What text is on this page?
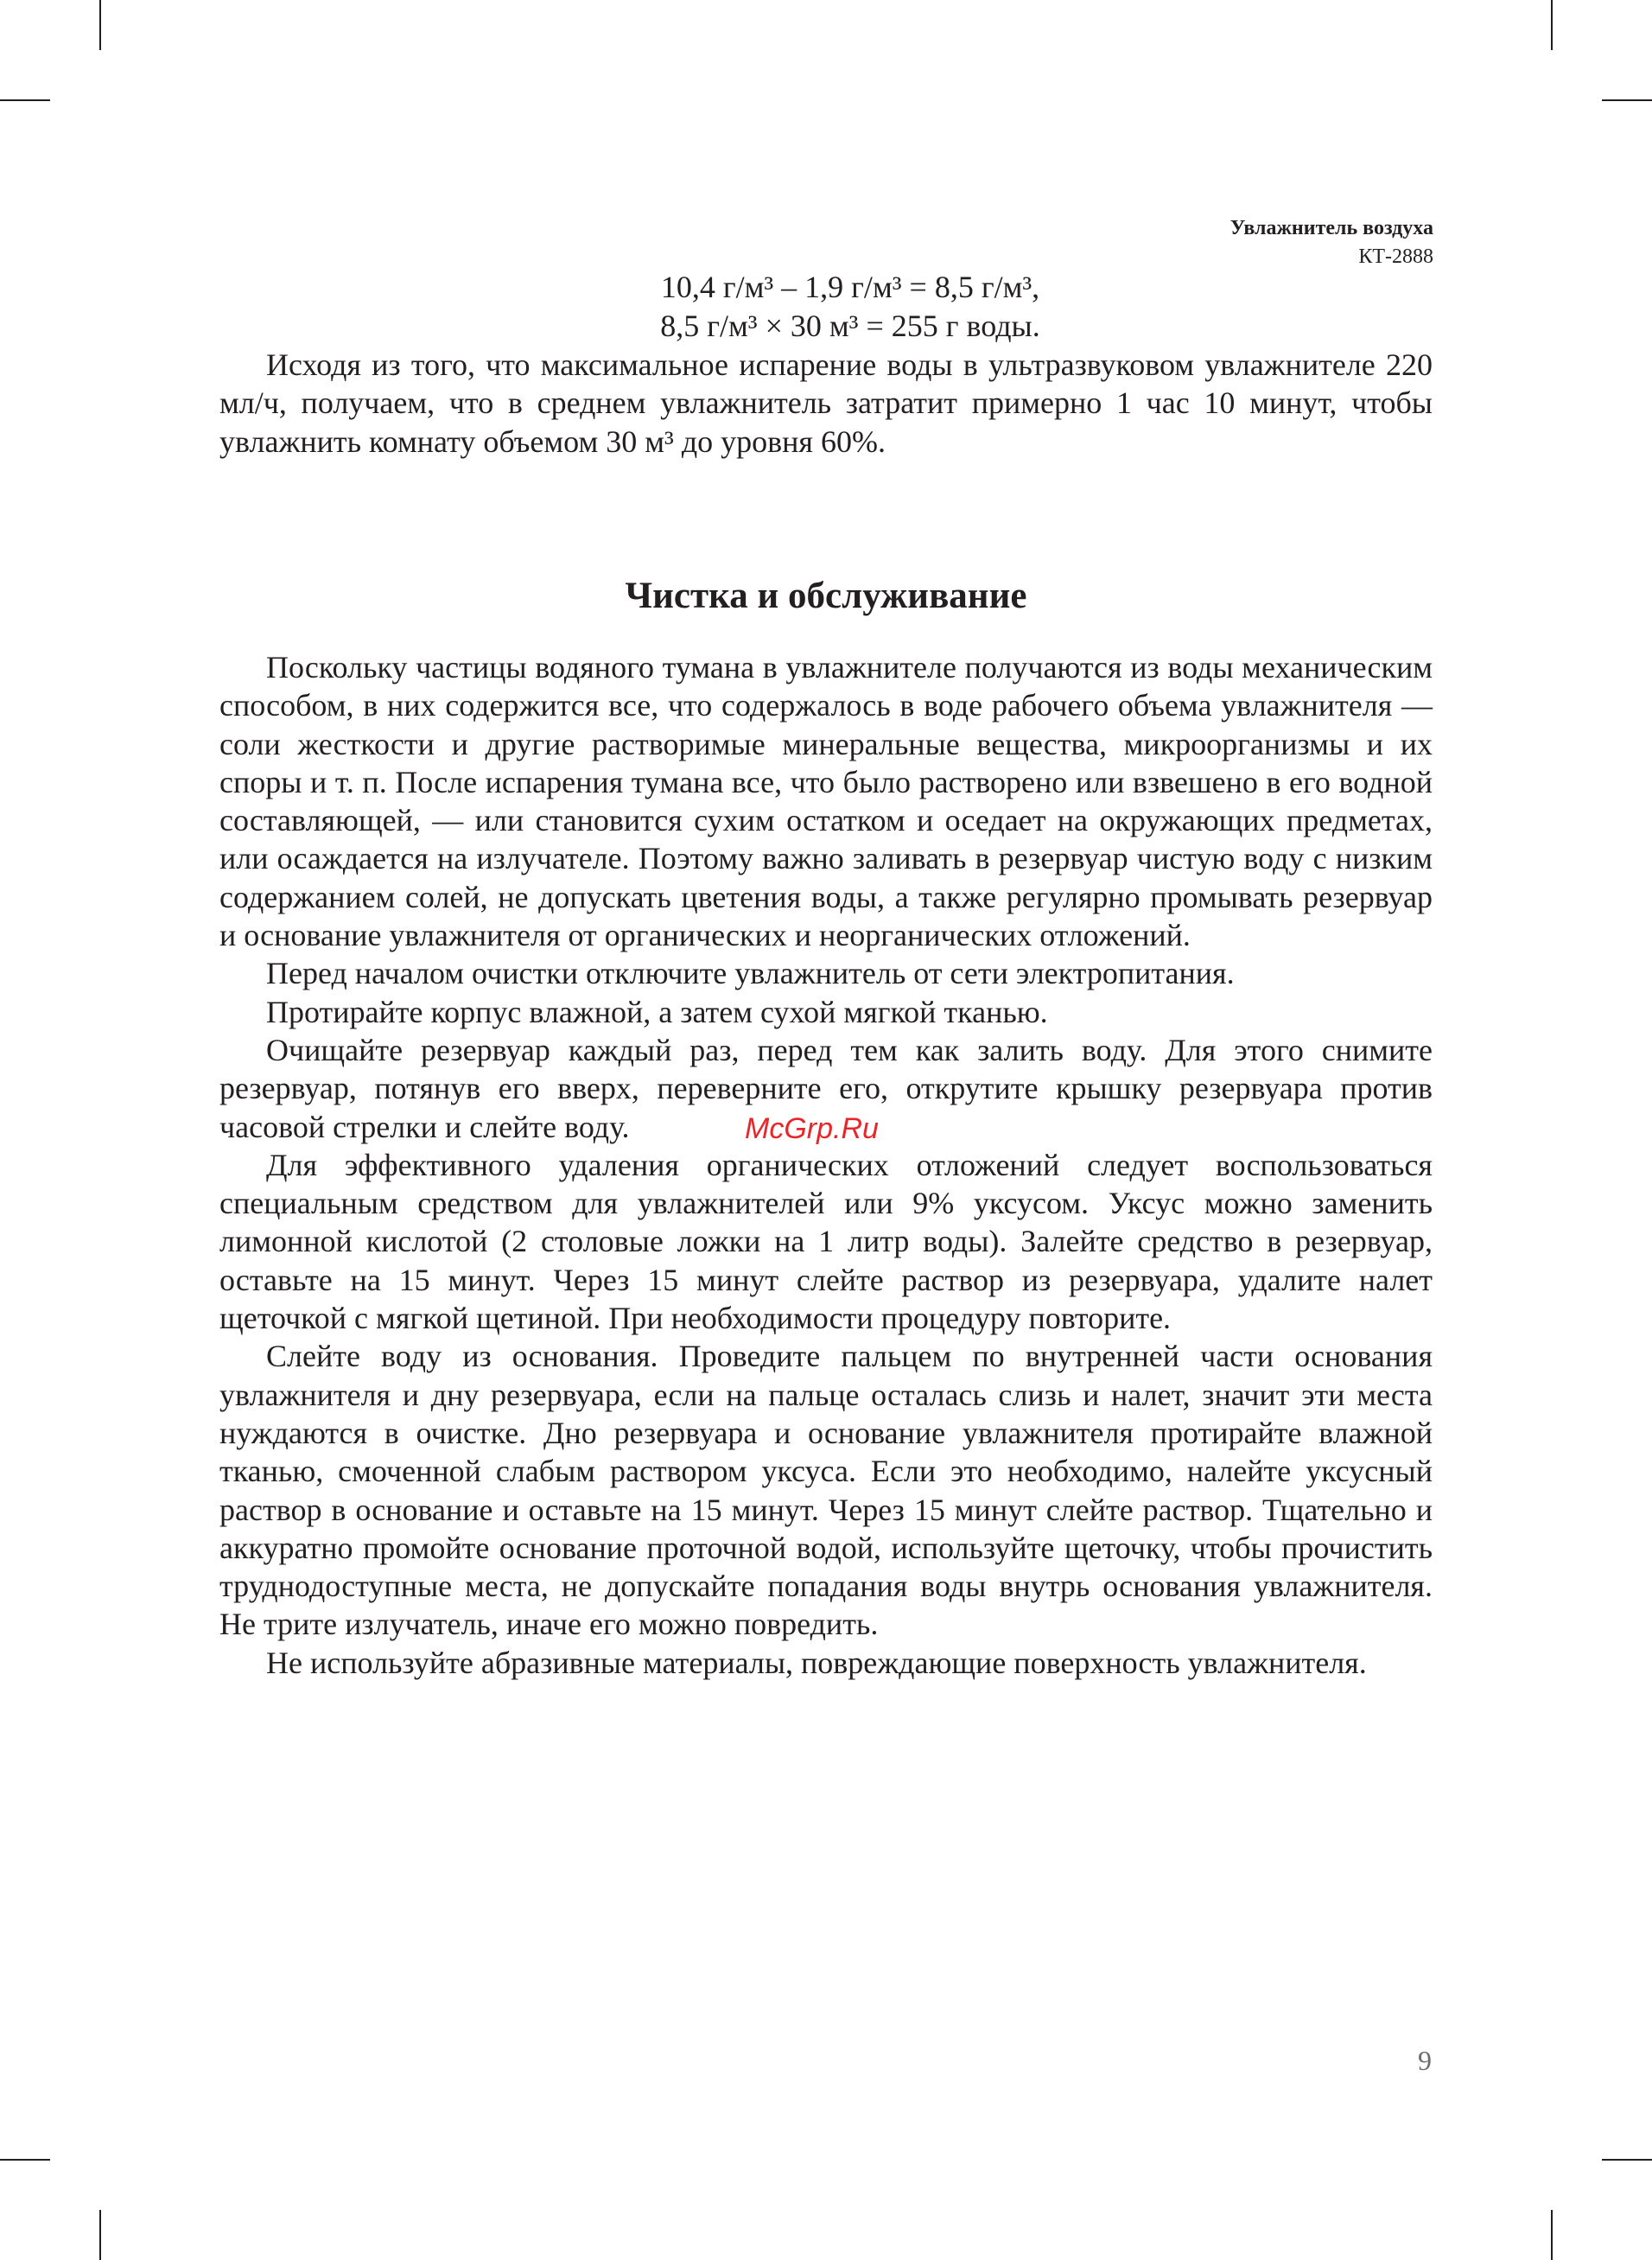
Увлажнитель воздуха
КТ-2888
10,4 г/м³ – 1,9 г/м³ = 8,5 г/м³,
8,5 г/м³ × 30 м³ = 255 г воды.

Исходя из того, что максимальное испарение воды в ультразвуковом увлажнителе 220 мл/ч, получаем, что в среднем увлажнитель затратит примерно 1 час 10 минут, чтобы увлажнить комнату объемом 30 м³ до уровня 60%.

Чистка и обслуживание

Поскольку частицы водяного тумана в увлажнителе получаются из воды механическим способом, в них содержится все, что содержалось в воде рабочего объема увлажнителя — соли жесткости и другие растворимые минеральные вещества, микроорганизмы и их споры и т. п. После испарения тумана все, что было растворено или взвешено в его водной составляющей, — или становится сухим остатком и оседает на окружающих предметах, или осаждается на излучателе. Поэтому важно заливать в резервуар чистую воду с низким содержанием солей, не допускать цветения воды, а также регулярно промывать резервуар и основание увлажнителя от органических и неорганических отложений.

Перед началом очистки отключите увлажнитель от сети электропитания.

Протирайте корпус влажной, а затем сухой мягкой тканью.

Очищайте резервуар каждый раз, перед тем как залить воду. Для этого снимите резервуар, потянув его вверх, переверните его, открутите крышку резервуара против часовой стрелки и слейте воду.

Для эффективного удаления органических отложений следует воспользоваться специальным средством для увлажнителей или 9% уксусом. Уксус можно заменить лимонной кислотой (2 столовые ложки на 1 литр воды). Залейте средство в резервуар, оставьте на 15 минут. Через 15 минут слейте раствор из резервуара, удалите налет щеточкой с мягкой щетиной. При необходимости процедуру повторите.

Слейте воду из основания. Проведите пальцем по внутренней части основания увлажнителя и дну резервуара, если на пальце осталась слизь и налет, значит эти места нуждаются в очистке. Дно резервуара и основание увлажнителя протирайте влажной тканью, смоченной слабым раствором уксуса. Если это необходимо, налейте уксусный раствор в основание и оставьте на 15 минут. Через 15 минут слейте раствор. Тщательно и аккуратно промойте основание проточной водой, используйте щеточку, чтобы прочистить труднодоступные места, не допускайте попадания воды внутрь основания увлажнителя. Не трите излучатель, иначе его можно повредить.

Не используйте абразивные материалы, повреждающие поверхность увлажнителя.

McGrp.Ru
9
